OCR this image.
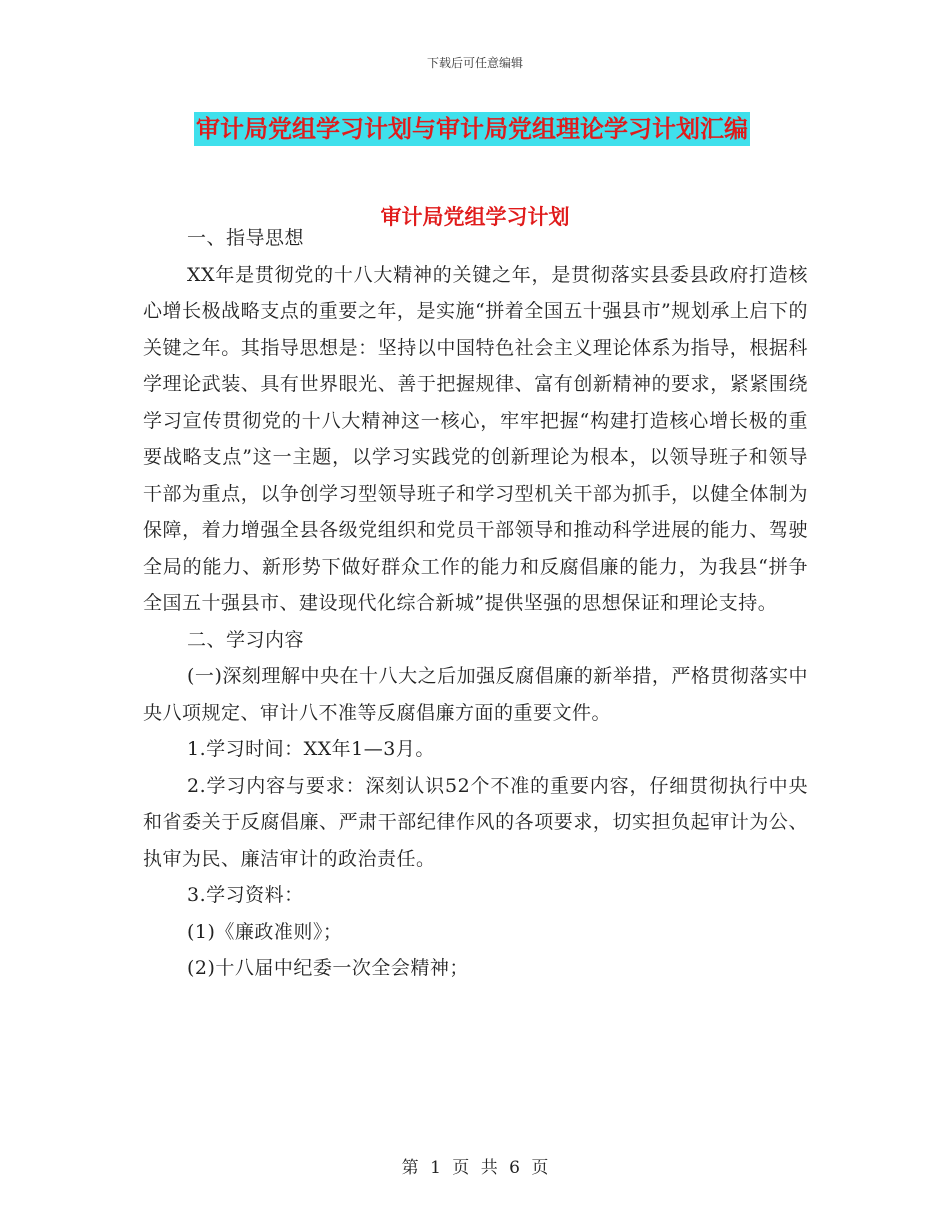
下载后可任意编辑
审计局党组学习计划与审计局党组理论学习计划汇编
审计局党组学习计划

一、指导思想

XX年是贯彻党的十八大精神的关键之年，是贯彻落实县委县政府打造核心增长极战略支点的重要之年，是实施“拼着全国五十强县市”规划承上启下的关键之年。其指导思想是：坚持以中国特色社会主义理论体系为指导，根据科学理论武装、具有世界眼光、善于把握规律、富有创新精神的要求，紧紧围绕学习宣传贯彻党的十八大精神这一核心，牢牢把握“构建打造核心增长极的重要战略支点”这一主题，以学习实践党的创新理论为根本，以领导班子和领导干部为重点，以争创学习型领导班子和学习型机关干部为抓手，以健全体制为保障，着力增强全县各级党组织和党员干部领导和推动科学进展的能力、驾驶全局的能力、新形势下做好群众工作的能力和反腐倡廉的能力，为我县“拼争全国五十强县市、建设现代化综合新城”提供坚强的思想保证和理论支持。

二、学习内容

(一)深刻理解中央在十八大之后加强反腐倡廉的新举措，严格贯彻落实中央八项规定、审计八不准等反腐倡廉方面的重要文件。

1.学习时间：XX年1—3月。

2.学习内容与要求：深刻认识52个不准的重要内容，仔细贯彻执行中央和省委关于反腐倡廉、严肃干部纪律作风的各项要求，切实担负起审计为公、执审为民、廉洁审计的政治责任。

3.学习资料：

(1)《廉政准则》；

(2)十八届中纪委一次全会精神；

第 1 页 共 6 页
